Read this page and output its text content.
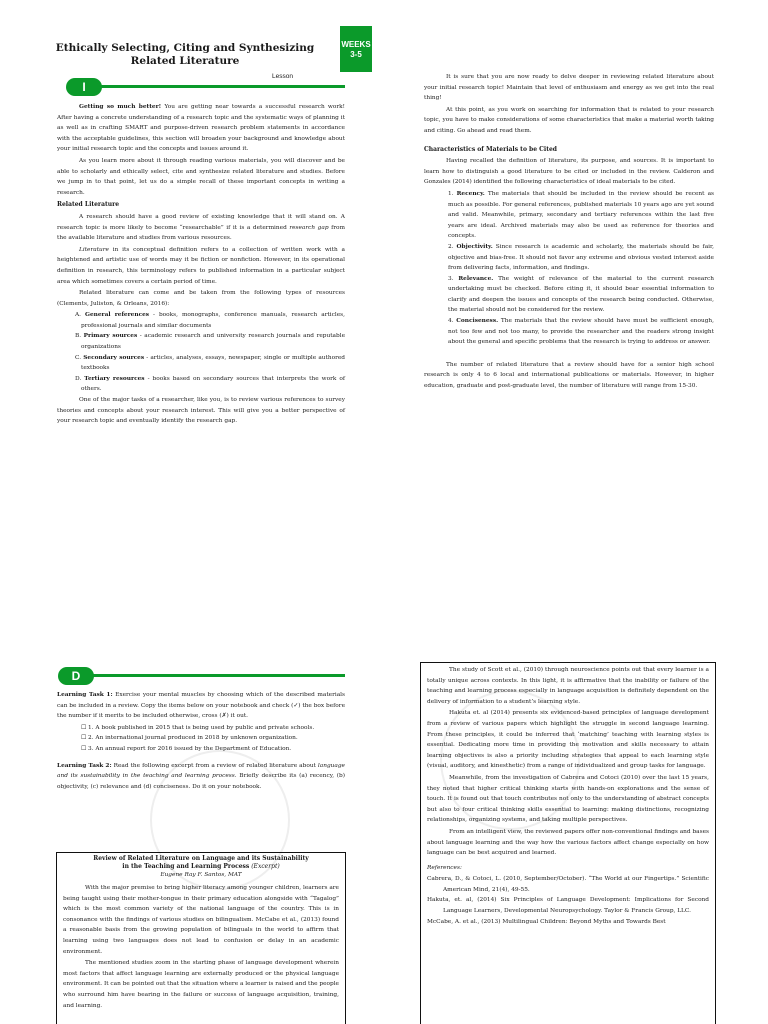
Ethically Selecting, Citing and Synthesizing
Related Literature
WEEKS
3-5
Lesson
I

Getting so much better! You are getting near towards a successful research work! After having a concrete understanding of a research topic and the systematic ways of planning it as well as in crafting SMART and purpose-driven research problem statements in accordance with the acceptable guidelines, this section will broaden your background and knowledge about your initial research topic and the concepts and issues around it.

As you learn more about it through reading various materials, you will discover and be able to scholarly and ethically select, cite and synthesize related literature and studies. Before we jump in to that point, let us do a simple recall of these important concepts in writing a research.

Related Literature

A research should have a good review of existing knowledge that it will stand on. A research topic is more likely to become “researchable” if it is a determined research gap from the available literature and studies from various resources.

Literature in its conceptual definition refers to a collection of written work with a heightened and artistic use of words may it be fiction or nonfiction. However, in its operational definition in research, this terminology refers to published information in a particular subject area which sometimes covers a certain period of time.

Related literature can come and be taken from the following types of resources (Clements, Juliston, & Orleans, 2016):

A. General references - books, monographs, conference manuals, research articles, professional journals and similar documents
B. Primary sources - academic research and university research journals and reputable organizations
C. Secondary sources - articles, analyses, essays, newspaper, single or multiple authored textbooks
D. Tertiary resources - books based on secondary sources that interprets the work of others.

One of the major tasks of a researcher, like you, is to review various references to survey theories and concepts about your research interest. This will give you a better perspective of your research topic and eventually identify the research gap.

It is sure that you are now ready to delve deeper in reviewing related literature about your initial research topic! Maintain that level of enthusiasm and energy as we get into the real thing!

At this point, as you work on searching for information that is related to your research topic, you have to make considerations of some characteristics that make a material worth taking and citing. Go ahead and read them.

Characteristics of Materials to be Cited

Having recalled the definition of literature, its purpose, and sources. It is important to learn how to distinguish a good literature to be cited or included in the review. Calderon and Gonzales (2014) identified the following characteristics of ideal materials to be cited.

1. Recency. The materials that should be included in the review should be recent as much as possible. For general references, published materials 10 years ago are yet sound and valid. Meanwhile, primary, secondary and tertiary references within the last five years are ideal. Archived materials may also be used as reference for theories and concepts.
2. Objectivity. Since research is academic and scholarly, the materials should be fair, objective and bias-free. It should not favor any extreme and obvious vested interest aside from delivering facts, information, and findings.
3. Relevance. The weight of relevance of the material to the current research undertaking must be checked. Before citing it, it should bear essential information to clarify and deepen the issues and concepts of the research being conducted. Otherwise, the material should not be considered for the review.
4. Conciseness. The materials that the review should have must be sufficient enough, not too few and not too many, to provide the researcher and the readers strong insight about the general and specific problems that the research is trying to address or answer.

The number of related literature that a review should have for a senior high school research is only 4 to 6 local and international publications or materials. However, in higher education, graduate and post-graduate level, the number of literature will range from 15-30.

D

Learning Task 1: Exercise your mental muscles by choosing which of the described materials can be included in a review. Copy the items below on your notebook and check (✓) the box before the number if it merits to be included otherwise, cross (✗) it out.

☐ 1. A book published in 2015 that is being used by public and private schools.
☐ 2. An international journal produced in 2018 by unknown organization.
☐ 3. An annual report for 2016 issued by the Department of Education.

Learning Task 2: Read the following excerpt from a review of related literature about language and its sustainability in the teaching and learning process. Briefly describe its (a) recency, (b) objectivity, (c) relevance and (d) conciseness. Do it on your notebook.

Review of Related Literature on Language and its Sustainability
in the Teaching and Learning Process (Excerpt)
Eugene Ray F. Santos, MAT

With the major premise to bring higher literacy among younger children, learners are being taught using their mother-tongue in their primary education alongside with “Tagalog” which is the most common variety of the national language of the country. This is in consonance with the findings of various studies on bilingualism. McCabe et al., (2013) found a reasonable basis from the growing population of bilinguals in the world to affirm that learning using two languages does not lead to confusion or delay in an academic environment.

The mentioned studies zoom in the starting phase of language development wherein most factors that affect language learning are externally produced or the physical language environment. It can be pointed out that the situation where a learner is raised and the people who surround him have bearing in the failure or success of language acquisition, training, and learning.

The study of Scott et al., (2010) through neuroscience points out that every learner is a totally unique across contexts. In this light, it is affirmative that the inability or failure of the teaching and learning process especially in language acquisition is definitely dependent on the delivery of information to a student’s learning style.

Hakuta et. al (2014) presents six evidenced-based principles of language development from a review of various papers which highlight the struggle in second language learning. From these principles, it could be inferred that ‘matching’ teaching with learning styles is essential. Dedicating more time in providing the motivation and skills necessary to attain learning objectives is also a priority including strategies that appeal to each learning style (visual, auditory, and kinesthetic) from a range of individualized and group tasks for language.

Meanwhile, from the investigation of Cabrera and Cotoci (2010) over the last 15 years, they noted that higher critical thinking starts with hands-on explorations and the sense of touch. It is found out that touch contributes not only to the understanding of abstract concepts but also to four critical thinking skills essential to learning: making distinctions, recognizing relationships, organizing systems, and taking multiple perspectives.

From an intelligent view, the reviewed papers offer non-conventional findings and bases about language learning and the way how the various factors affect change especially on how language can be best acquired and learned.

References:

Cabrera, D., & Cotoci, L. (2010, September/October). “The World at our Fingertips.” Scientific American Mind, 21(4), 49-55.
Hakuta, et. al, (2014) Six Principles of Language Development: Implications for Second Language Learners, Developmental Neuropsychology. Taylor & Francis Group, LLC.
McCabe, A. et al., (2013) Multilingual Children: Beyond Myths and Towards Best
